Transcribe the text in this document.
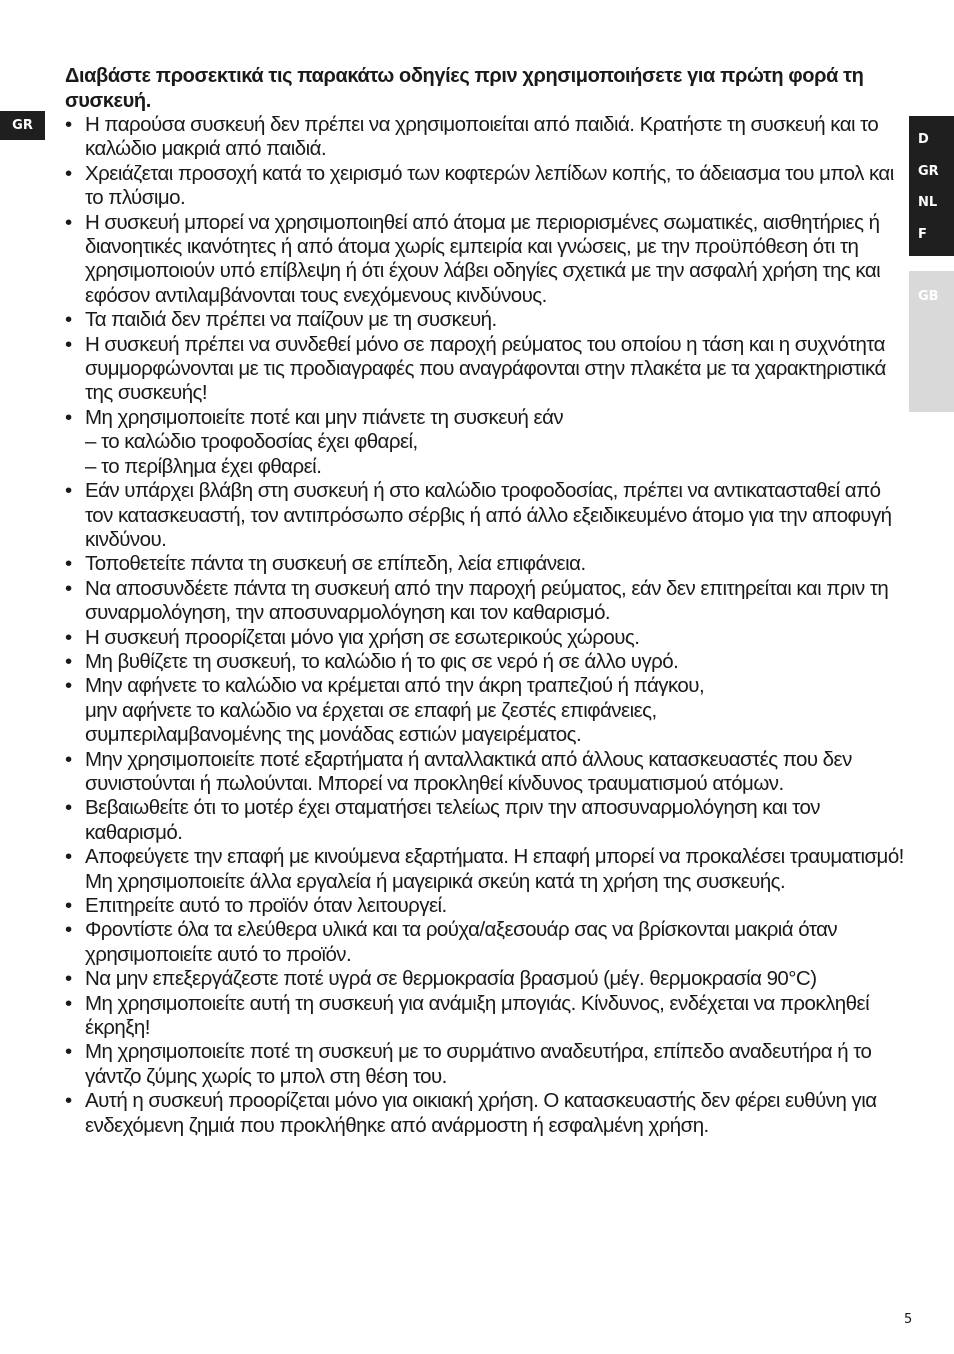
GR
D
GR
NL
F
GB

Διαβάστε προσεκτικά τις παρακάτω οδηγίες πριν χρησιμοποιήσετε για πρώτη φορά τη συσκευή.

• Η παρούσα συσκευή δεν πρέπει να χρησιμοποιείται από παιδιά. Κρατήστε τη συσκευή και το καλώδιο μακριά από παιδιά.
• Χρειάζεται προσοχή κατά το χειρισμό των κοφτερών λεπίδων κοπής, το άδειασμα του μπολ και το πλύσιμο.
• Η συσκευή μπορεί να χρησιμοποιηθεί από άτομα με περιορισμένες σωματικές, αισθητήριες ή διανοητικές ικανότητες ή από άτομα χωρίς εμπειρία και γνώσεις, με την προϋπόθεση ότι τη χρησιμοποιούν υπό επίβλεψη ή ότι έχουν λάβει οδηγίες σχετικά με την ασφαλή χρήση της και εφόσον αντιλαμβάνονται τους ενεχόμενους κινδύνους.
• Τα παιδιά δεν πρέπει να παίζουν με τη συσκευή.
• Η συσκευή πρέπει να συνδεθεί μόνο σε παροχή ρεύματος του οποίου η τάση και η συχνότητα συμμορφώνονται με τις προδιαγραφές που αναγράφονται στην πλακέτα με τα χαρακτηριστικά της συσκευής!
• Μη χρησιμοποιείτε ποτέ και μην πιάνετε τη συσκευή εάν
– το καλώδιο τροφοδοσίας έχει φθαρεί,
– το περίβλημα έχει φθαρεί.
• Εάν υπάρχει βλάβη στη συσκευή ή στο καλώδιο τροφοδοσίας, πρέπει να αντικατασταθεί από τον κατασκευαστή, τον αντιπρόσωπο σέρβις ή από άλλο εξειδικευμένο άτομο για την αποφυγή κινδύνου.
• Τοποθετείτε πάντα τη συσκευή σε επίπεδη, λεία επιφάνεια.
• Να αποσυνδέετε πάντα τη συσκευή από την παροχή ρεύματος, εάν δεν επιτηρείται και πριν τη συναρμολόγηση, την αποσυναρμολόγηση και τον καθαρισμό.
• Η συσκευή προορίζεται μόνο για χρήση σε εσωτερικούς χώρους.
• Μη βυθίζετε τη συσκευή, το καλώδιο ή το φις σε νερό ή σε άλλο υγρό.
• Μην αφήνετε το καλώδιο να κρέμεται από την άκρη τραπεζιού ή πάγκου,
μην αφήνετε το καλώδιο να έρχεται σε επαφή με ζεστές επιφάνειες,
συμπεριλαμβανομένης της μονάδας εστιών μαγειρέματος.
• Μην χρησιμοποιείτε ποτέ εξαρτήματα ή ανταλλακτικά από άλλους κατασκευαστές που δεν συνιστούνται ή πωλούνται. Μπορεί να προκληθεί κίνδυνος τραυματισμού ατόμων.
• Βεβαιωθείτε ότι το μοτέρ έχει σταματήσει τελείως πριν την αποσυναρμολόγηση και τον καθαρισμό.
• Αποφεύγετε την επαφή με κινούμενα εξαρτήματα. Η επαφή μπορεί να προκαλέσει τραυματισμό! Μη χρησιμοποιείτε άλλα εργαλεία ή μαγειρικά σκεύη κατά τη χρήση της συσκευής.
• Επιτηρείτε αυτό το προϊόν όταν λειτουργεί.
• Φροντίστε όλα τα ελεύθερα υλικά και τα ρούχα/αξεσουάρ σας να βρίσκονται μακριά όταν χρησιμοποιείτε αυτό το προϊόν.
• Να μην επεξεργάζεστε ποτέ υγρά σε θερμοκρασία βρασμού (μέγ. θερμοκρασία 90°C)
• Μη χρησιμοποιείτε αυτή τη συσκευή για ανάμιξη μπογιάς. Κίνδυνος, ενδέχεται να προκληθεί έκρηξη!
• Μη χρησιμοποιείτε ποτέ τη συσκευή με το συρμάτινο αναδευτήρα, επίπεδο αναδευτήρα ή το γάντζο ζύμης χωρίς το μπολ στη θέση του.
• Αυτή η συσκευή προορίζεται μόνο για οικιακή χρήση. Ο κατασκευαστής δεν φέρει ευθύνη για ενδεχόμενη ζημιά που προκλήθηκε από ανάρμοστη ή εσφαλμένη χρήση.
5
